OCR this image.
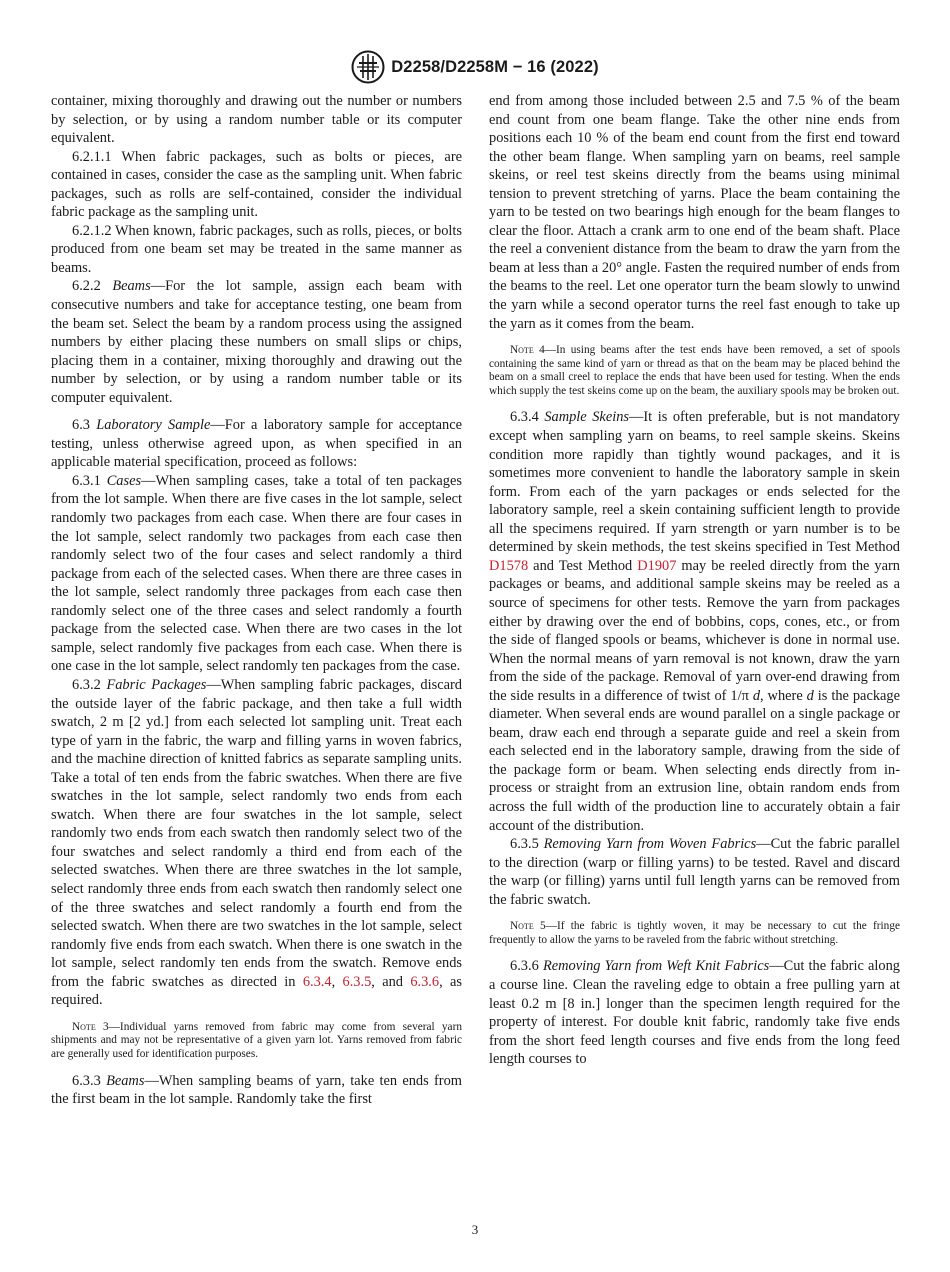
D2258/D2258M − 16 (2022)

container, mixing thoroughly and drawing out the number or numbers by selection, or by using a random number table or its computer equivalent.

6.2.1.1 When fabric packages, such as bolts or pieces, are contained in cases, consider the case as the sampling unit. When fabric packages, such as rolls are self-contained, consider the individual fabric package as the sampling unit.

6.2.1.2 When known, fabric packages, such as rolls, pieces, or bolts produced from one beam set may be treated in the same manner as beams.

6.2.2 Beams—For the lot sample, assign each beam with consecutive numbers and take for acceptance testing, one beam from the beam set. Select the beam by a random process using the assigned numbers by either placing these numbers on small slips or chips, placing them in a container, mixing thoroughly and drawing out the number by selection, or by using a random number table or its computer equivalent.

6.3 Laboratory Sample—For a laboratory sample for acceptance testing, unless otherwise agreed upon, as when specified in an applicable material specification, proceed as follows:

6.3.1 Cases—When sampling cases, take a total of ten packages from the lot sample. When there are five cases in the lot sample, select randomly two packages from each case. When there are four cases in the lot sample, select randomly two packages from each case then randomly select two of the four cases and select randomly a third package from each of the selected cases. When there are three cases in the lot sample, select randomly three packages from each case then randomly select one of the three cases and select randomly a fourth package from the selected case. When there are two cases in the lot sample, select randomly five packages from each case. When there is one case in the lot sample, select randomly ten packages from the case.

6.3.2 Fabric Packages—When sampling fabric packages, discard the outside layer of the fabric package, and then take a full width swatch, 2 m [2 yd.] from each selected lot sampling unit. Treat each type of yarn in the fabric, the warp and filling yarns in woven fabrics, and the machine direction of knitted fabrics as separate sampling units. Take a total of ten ends from the fabric swatches. When there are five swatches in the lot sample, select randomly two ends from each swatch. When there are four swatches in the lot sample, select randomly two ends from each swatch then randomly select two of the four swatches and select randomly a third end from each of the selected swatches. When there are three swatches in the lot sample, select randomly three ends from each swatch then randomly select one of the three swatches and select randomly a fourth end from the selected swatch. When there are two swatches in the lot sample, select randomly five ends from each swatch. When there is one swatch in the lot sample, select randomly ten ends from the swatch. Remove ends from the fabric swatches as directed in 6.3.4, 6.3.5, and 6.3.6, as required.

Note 3—Individual yarns removed from fabric may come from several yarn shipments and may not be representative of a given yarn lot. Yarns removed from fabric are generally used for identification purposes.

6.3.3 Beams—When sampling beams of yarn, take ten ends from the first beam in the lot sample. Randomly take the first

end from among those included between 2.5 and 7.5 % of the beam end count from one beam flange. Take the other nine ends from positions each 10 % of the beam end count from the first end toward the other beam flange. When sampling yarn on beams, reel sample skeins, or reel test skeins directly from the beams using minimal tension to prevent stretching of yarns. Place the beam containing the yarn to be tested on two bearings high enough for the beam flanges to clear the floor. Attach a crank arm to one end of the beam shaft. Place the reel a convenient distance from the beam to draw the yarn from the beam at less than a 20° angle. Fasten the required number of ends from the beams to the reel. Let one operator turn the beam slowly to unwind the yarn while a second operator turns the reel fast enough to take up the yarn as it comes from the beam.

Note 4—In using beams after the test ends have been removed, a set of spools containing the same kind of yarn or thread as that on the beam may be placed behind the beam on a small creel to replace the ends that have been used for testing. When the ends which supply the test skeins come up on the beam, the auxiliary spools may be broken out.

6.3.4 Sample Skeins—It is often preferable, but is not mandatory except when sampling yarn on beams, to reel sample skeins. Skeins condition more rapidly than tightly wound packages, and it is sometimes more convenient to handle the laboratory sample in skein form. From each of the yarn packages or ends selected for the laboratory sample, reel a skein containing sufficient length to provide all the specimens required. If yarn strength or yarn number is to be determined by skein methods, the test skeins specified in Test Method D1578 and Test Method D1907 may be reeled directly from the yarn packages or beams, and additional sample skeins may be reeled as a source of specimens for other tests. Remove the yarn from packages either by drawing over the end of bobbins, cops, cones, etc., or from the side of flanged spools or beams, whichever is done in normal use. When the normal means of yarn removal is not known, draw the yarn from the side of the package. Removal of yarn over-end drawing from the side results in a difference of twist of 1/π d, where d is the package diameter. When several ends are wound parallel on a single package or beam, draw each end through a separate guide and reel a skein from each selected end in the laboratory sample, drawing from the side of the package form or beam. When selecting ends directly from in-process or straight from an extrusion line, obtain random ends from across the full width of the production line to accurately obtain a fair account of the distribution.

6.3.5 Removing Yarn from Woven Fabrics—Cut the fabric parallel to the direction (warp or filling yarns) to be tested. Ravel and discard the warp (or filling) yarns until full length yarns can be removed from the fabric swatch.

Note 5—If the fabric is tightly woven, it may be necessary to cut the fringe frequently to allow the yarns to be raveled from the fabric without stretching.

6.3.6 Removing Yarn from Weft Knit Fabrics—Cut the fabric along a course line. Clean the raveling edge to obtain a free pulling yarn at least 0.2 m [8 in.] longer than the specimen length required for the property of interest. For double knit fabric, randomly take five ends from the short feed length courses and five ends from the long feed length courses to

3
